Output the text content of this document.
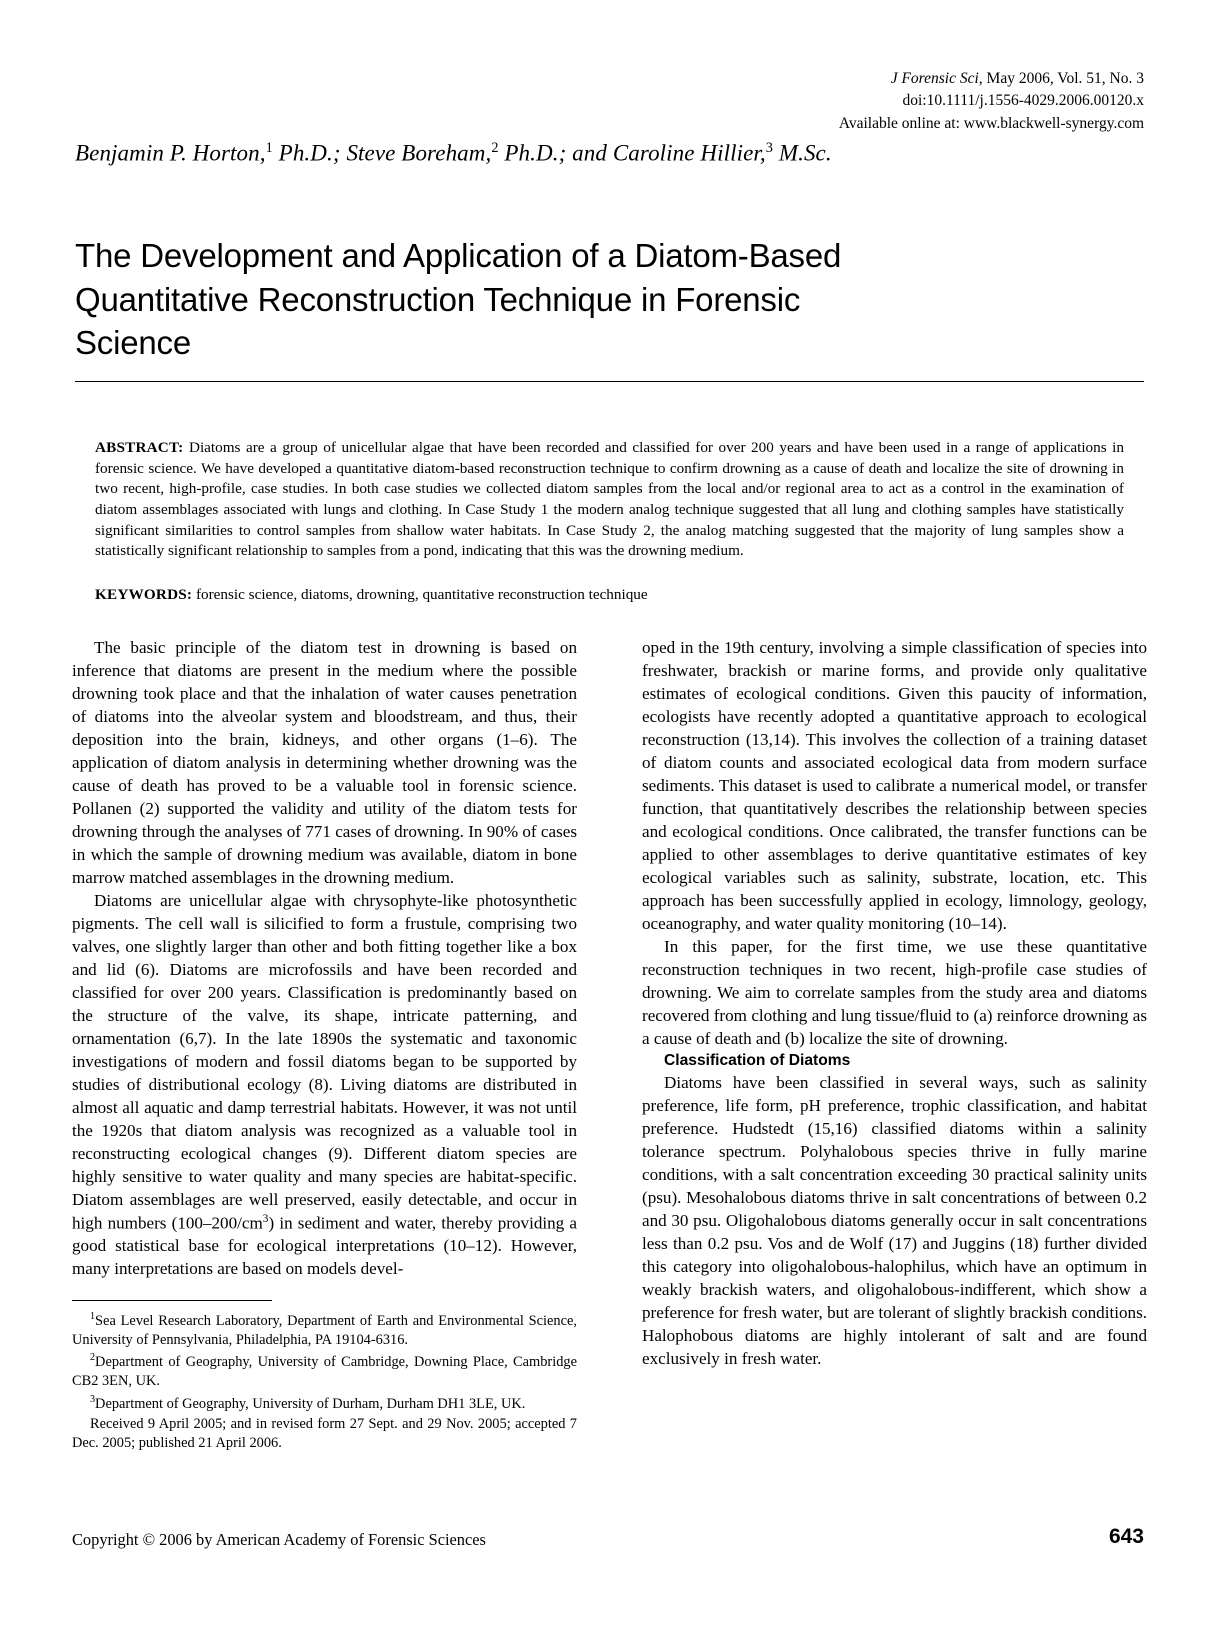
J Forensic Sci, May 2006, Vol. 51, No. 3
doi:10.1111/j.1556-4029.2006.00120.x
Available online at: www.blackwell-synergy.com
Benjamin P. Horton,$^1$ Ph.D.; Steve Boreham,$^2$ Ph.D.; and Caroline Hillier,$^3$ M.Sc.
The Development and Application of a Diatom-Based Quantitative Reconstruction Technique in Forensic Science
ABSTRACT: Diatoms are a group of unicellular algae that have been recorded and classified for over 200 years and have been used in a range of applications in forensic science. We have developed a quantitative diatom-based reconstruction technique to confirm drowning as a cause of death and localize the site of drowning in two recent, high-profile, case studies. In both case studies we collected diatom samples from the local and/or regional area to act as a control in the examination of diatom assemblages associated with lungs and clothing. In Case Study 1 the modern analog technique suggested that all lung and clothing samples have statistically significant similarities to control samples from shallow water habitats. In Case Study 2, the analog matching suggested that the majority of lung samples show a statistically significant relationship to samples from a pond, indicating that this was the drowning medium.
KEYWORDS: forensic science, diatoms, drowning, quantitative reconstruction technique

The basic principle of the diatom test in drowning is based on inference that diatoms are present in the medium where the possible drowning took place and that the inhalation of water causes penetration of diatoms into the alveolar system and bloodstream, and thus, their deposition into the brain, kidneys, and other organs (1–6). The application of diatom analysis in determining whether drowning was the cause of death has proved to be a valuable tool in forensic science. Pollanen (2) supported the validity and utility of the diatom tests for drowning through the analyses of 771 cases of drowning. In 90% of cases in which the sample of drowning medium was available, diatom in bone marrow matched assemblages in the drowning medium.

Diatoms are unicellular algae with chrysophyte-like photosynthetic pigments. The cell wall is silicified to form a frustule, comprising two valves, one slightly larger than other and both fitting together like a box and lid (6). Diatoms are microfossils and have been recorded and classified for over 200 years. Classification is predominantly based on the structure of the valve, its shape, intricate patterning, and ornamentation (6,7). In the late 1890s the systematic and taxonomic investigations of modern and fossil diatoms began to be supported by studies of distributional ecology (8). Living diatoms are distributed in almost all aquatic and damp terrestrial habitats. However, it was not until the 1920s that diatom analysis was recognized as a valuable tool in reconstructing ecological changes (9). Different diatom species are highly sensitive to water quality and many species are habitat-specific. Diatom assemblages are well preserved, easily detectable, and occur in high numbers $(100-200/cm^3)$ in sediment and water, thereby providing a good statistical base for ecological interpretations (10–12). However, many interpretations are based on models devel-

oped in the 19th century, involving a simple classification of species into freshwater, brackish or marine forms, and provide only qualitative estimates of ecological conditions. Given this paucity of information, ecologists have recently adopted a quantitative approach to ecological reconstruction (13,14). This involves the collection of a training dataset of diatom counts and associated ecological data from modern surface sediments. This dataset is used to calibrate a numerical model, or transfer function, that quantitatively describes the relationship between species and ecological conditions. Once calibrated, the transfer functions can be applied to other assemblages to derive quantitative estimates of key ecological variables such as salinity, substrate, location, etc. This approach has been successfully applied in ecology, limnology, geology, oceanography, and water quality monitoring (10–14).

In this paper, for the first time, we use these quantitative reconstruction techniques in two recent, high-profile case studies of drowning. We aim to correlate samples from the study area and diatoms recovered from clothing and lung tissue/fluid to (a) reinforce drowning as a cause of death and (b) localize the site of drowning.

Classification of Diatoms

Diatoms have been classified in several ways, such as salinity preference, life form, pH preference, trophic classification, and habitat preference. Hudstedt (15,16) classified diatoms within a salinity tolerance spectrum. Polyhalobous species thrive in fully marine conditions, with a salt concentration exceeding 30 practical salinity units (psu). Mesohalobous diatoms thrive in salt concentrations of between 0.2 and 30 psu. Oligohalobous diatoms generally occur in salt concentrations less than 0.2 psu. Vos and de Wolf (17) and Juggins (18) further divided this category into oligohalobous-halophilus, which have an optimum in weakly brackish waters, and oligohalobous-indifferent, which show a preference for fresh water, but are tolerant of slightly brackish conditions. Halophobous diatoms are highly intolerant of salt and are found exclusively in fresh water.

$^1$Sea Level Research Laboratory, Department of Earth and Environmental Science, University of Pennsylvania, Philadelphia, PA 19104-6316.

$^2$Department of Geography, University of Cambridge, Downing Place, Cambridge CB2 3EN, UK.

$^3$Department of Geography, University of Durham, Durham DH1 3LE, UK.

Received 9 April 2005; and in revised form 27 Sept. and 29 Nov. 2005; accepted 7 Dec. 2005; published 21 April 2006.

Copyright © 2006 by American Academy of Forensic Sciences	643
